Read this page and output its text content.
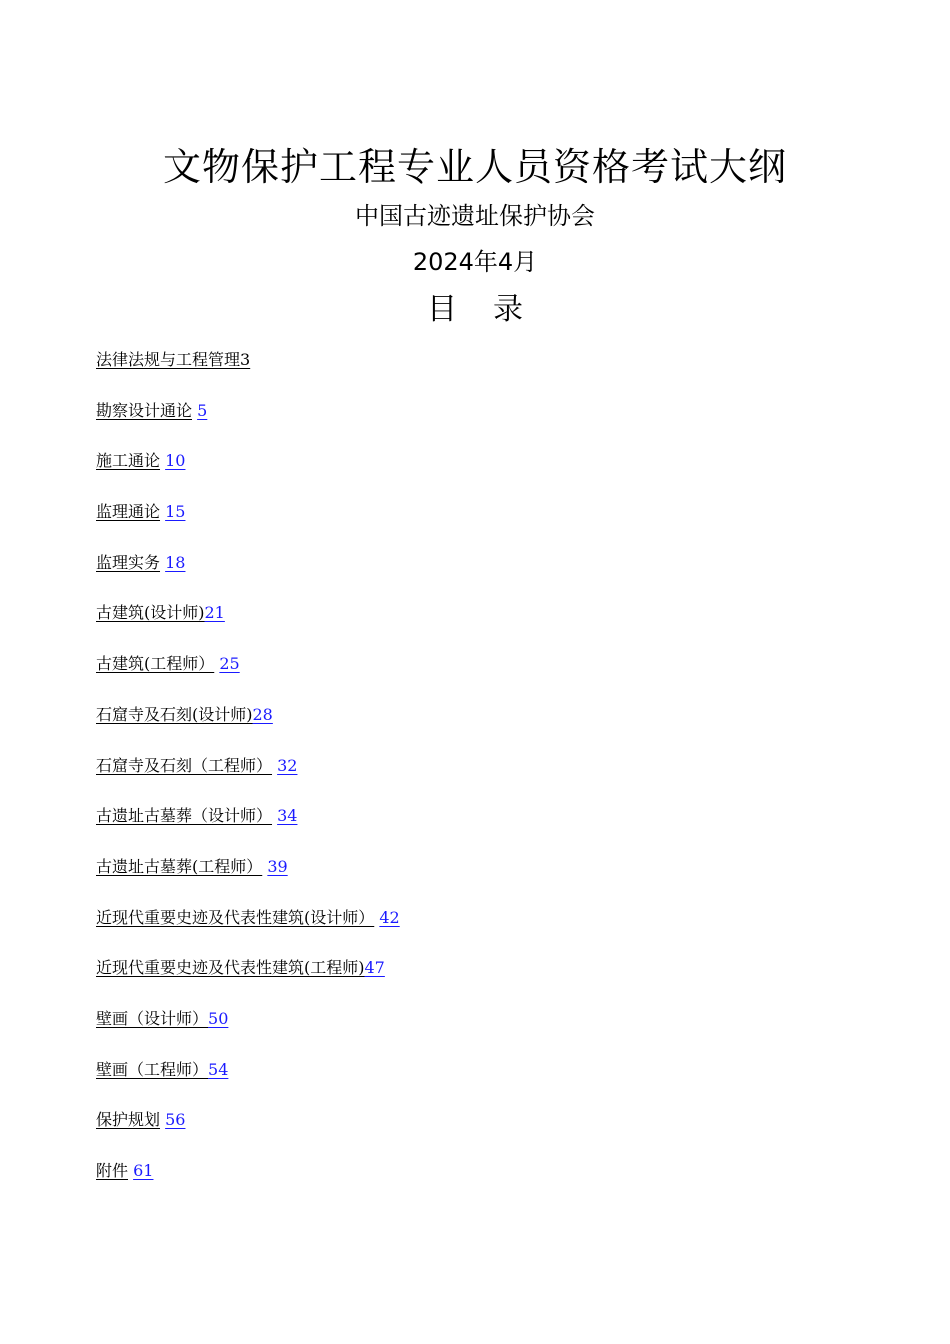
文物保护工程专业人员资格考试大纲
中国古迹遗址保护协会
2024年4月
目录
法律法规与工程管理3
勘察设计通论 5
施工通论 10
监理通论 15
监理实务 18
古建筑(设计师)21
古建筑(工程师） 25
石窟寺及石刻(设计师)28
石窟寺及石刻（工程师） 32
古遗址古墓葬（设计师） 34
古遗址古墓葬(工程师） 39
近现代重要史迹及代表性建筑(设计师） 42
近现代重要史迹及代表性建筑(工程师)47
壁画（设计师）50
壁画（工程师）54
保护规划 56
附件 61
